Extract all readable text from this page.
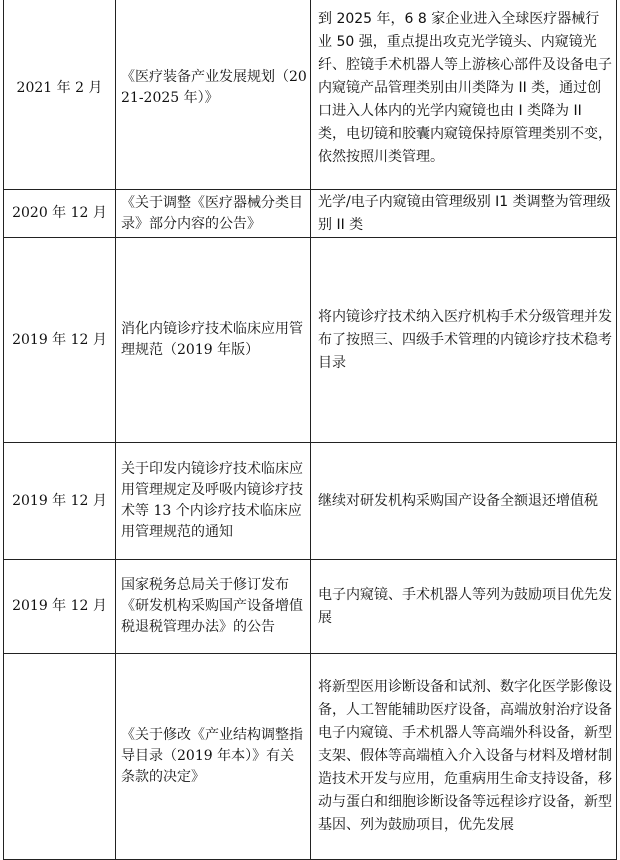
2021 年 2 月	《医疗装备产业发展规划（2021-2025 年）》	到 2025 年，6 8 家企业进入全球医疗器械行业 50 强，重点提出攻克光学镜头、内窥镜光纤、腔镜手术机器人等上游核心部件及设备电子内窥镜产品管理类别由川类降为 II 类，通过创口进入人体内的光学内窥镜也由 I 类降为 II 类，电切镜和胶囊内窥镜保持原管理类别不变，依然按照川类管理。
2020 年 12 月	《关于调整《医疗器械分类目录》部分内容的公告》	光学/电子内窥镜由管理级别 I1 类调整为管理级别 II 类
2019 年 12 月	消化内镜诊疗技术临床应用管理规范（2019 年版）	将内镜诊疗技术纳入医疗机构手术分级管理并发布了按照三、四级手术管理的内镜诊疗技术稳考目录
2019 年 12 月	关于印发内镜诊疗技术临床应用管理规定及呼吸内镜诊疗技术等 13 个内诊疗技术临床应用管理规范的通知	继续对研发机构采购国产设备全额退还增值税
2019 年 12 月	国家税务总局关于修订发布《研发机构采购国产设备增值税退税管理办法》的公告	电子内窥镜、手术机器人等列为鼓励项目优先发展
	《关于修改《产业结构调整指导目录（2019 年本）》有关条款的决定》	将新型医用诊断设备和试剂、数字化医学影像设备，人工智能辅助医疗设备，高端放射治疗设备电子内窥镜、手术机器人等高端外科设备，新型支架、假体等高端植入介入设备与材料及增材制造技术开发与应用，危重病用生命支持设备，移动与蛋白和细胞诊断设备等远程诊疗设备，新型基因、列为鼓励项目，优先发展
